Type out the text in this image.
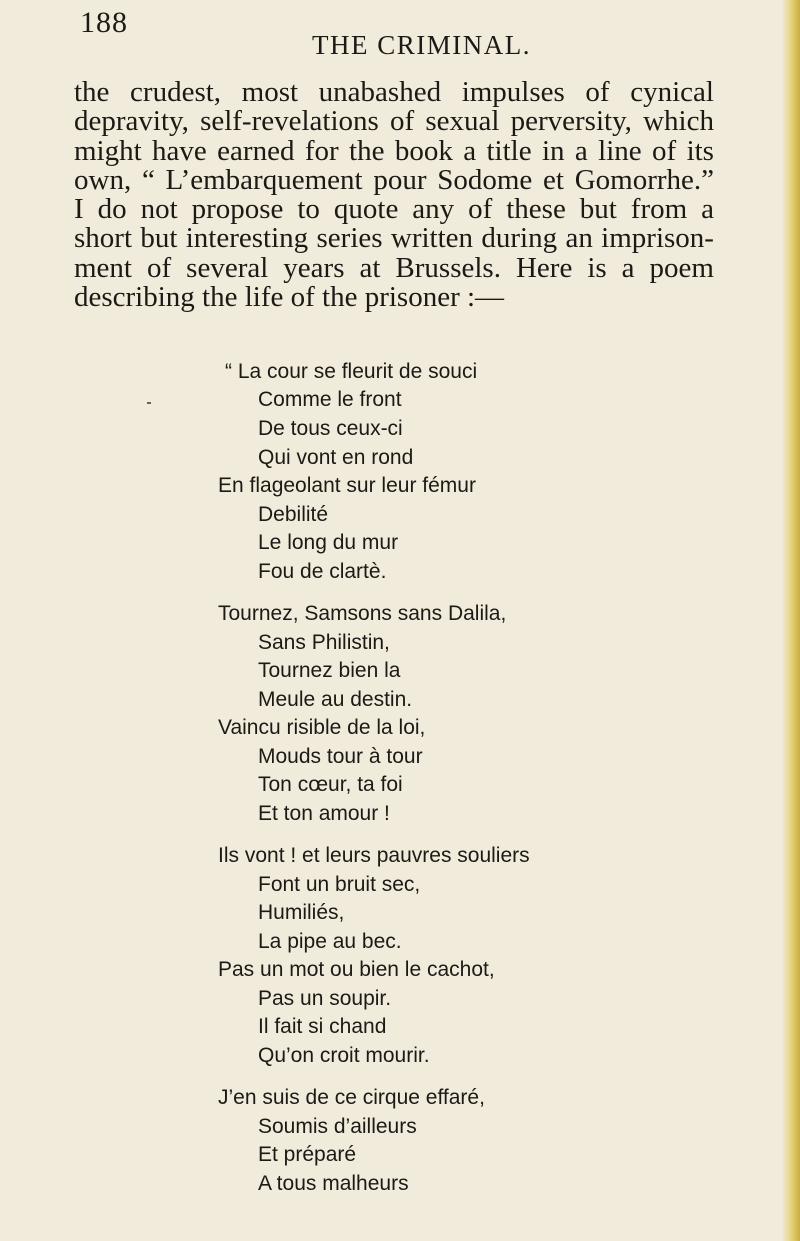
188
THE CRIMINAL.
the crudest, most unabashed impulses of cynical
depravity, self-revelations of sexual perversity, which
might have earned for the book a title in a line of its
own, “ L’embarquement pour Sodome et Gomorrhe.”
I do not propose to quote any of these but from a
short but interesting series written during an imprison-
ment of several years at Brussels. Here is a poem
describing the life of the prisoner :—
“ La cour se fleurit de souci
Comme le front
De tous ceux-ci
Qui vont en rond
En flageolant sur leur fémur
Debilité
Le long du mur
Fou de clartè.
Tournez, Samsons sans Dalila,
Sans Philistin,
Tournez bien la
Meule au destin.
Vaincu risible de la loi,
Mouds tour à tour
Ton cœur, ta foi
Et ton amour !
Ils vont ! et leurs pauvres souliers
Font un bruit sec,
Humiliés,
La pipe au bec.
Pas un mot ou bien le cachot,
Pas un soupir.
Il fait si chand
Qu’on croit mourir.
J’en suis de ce cirque effaré,
Soumis d’ailleurs
Et préparé
A tous malheurs
